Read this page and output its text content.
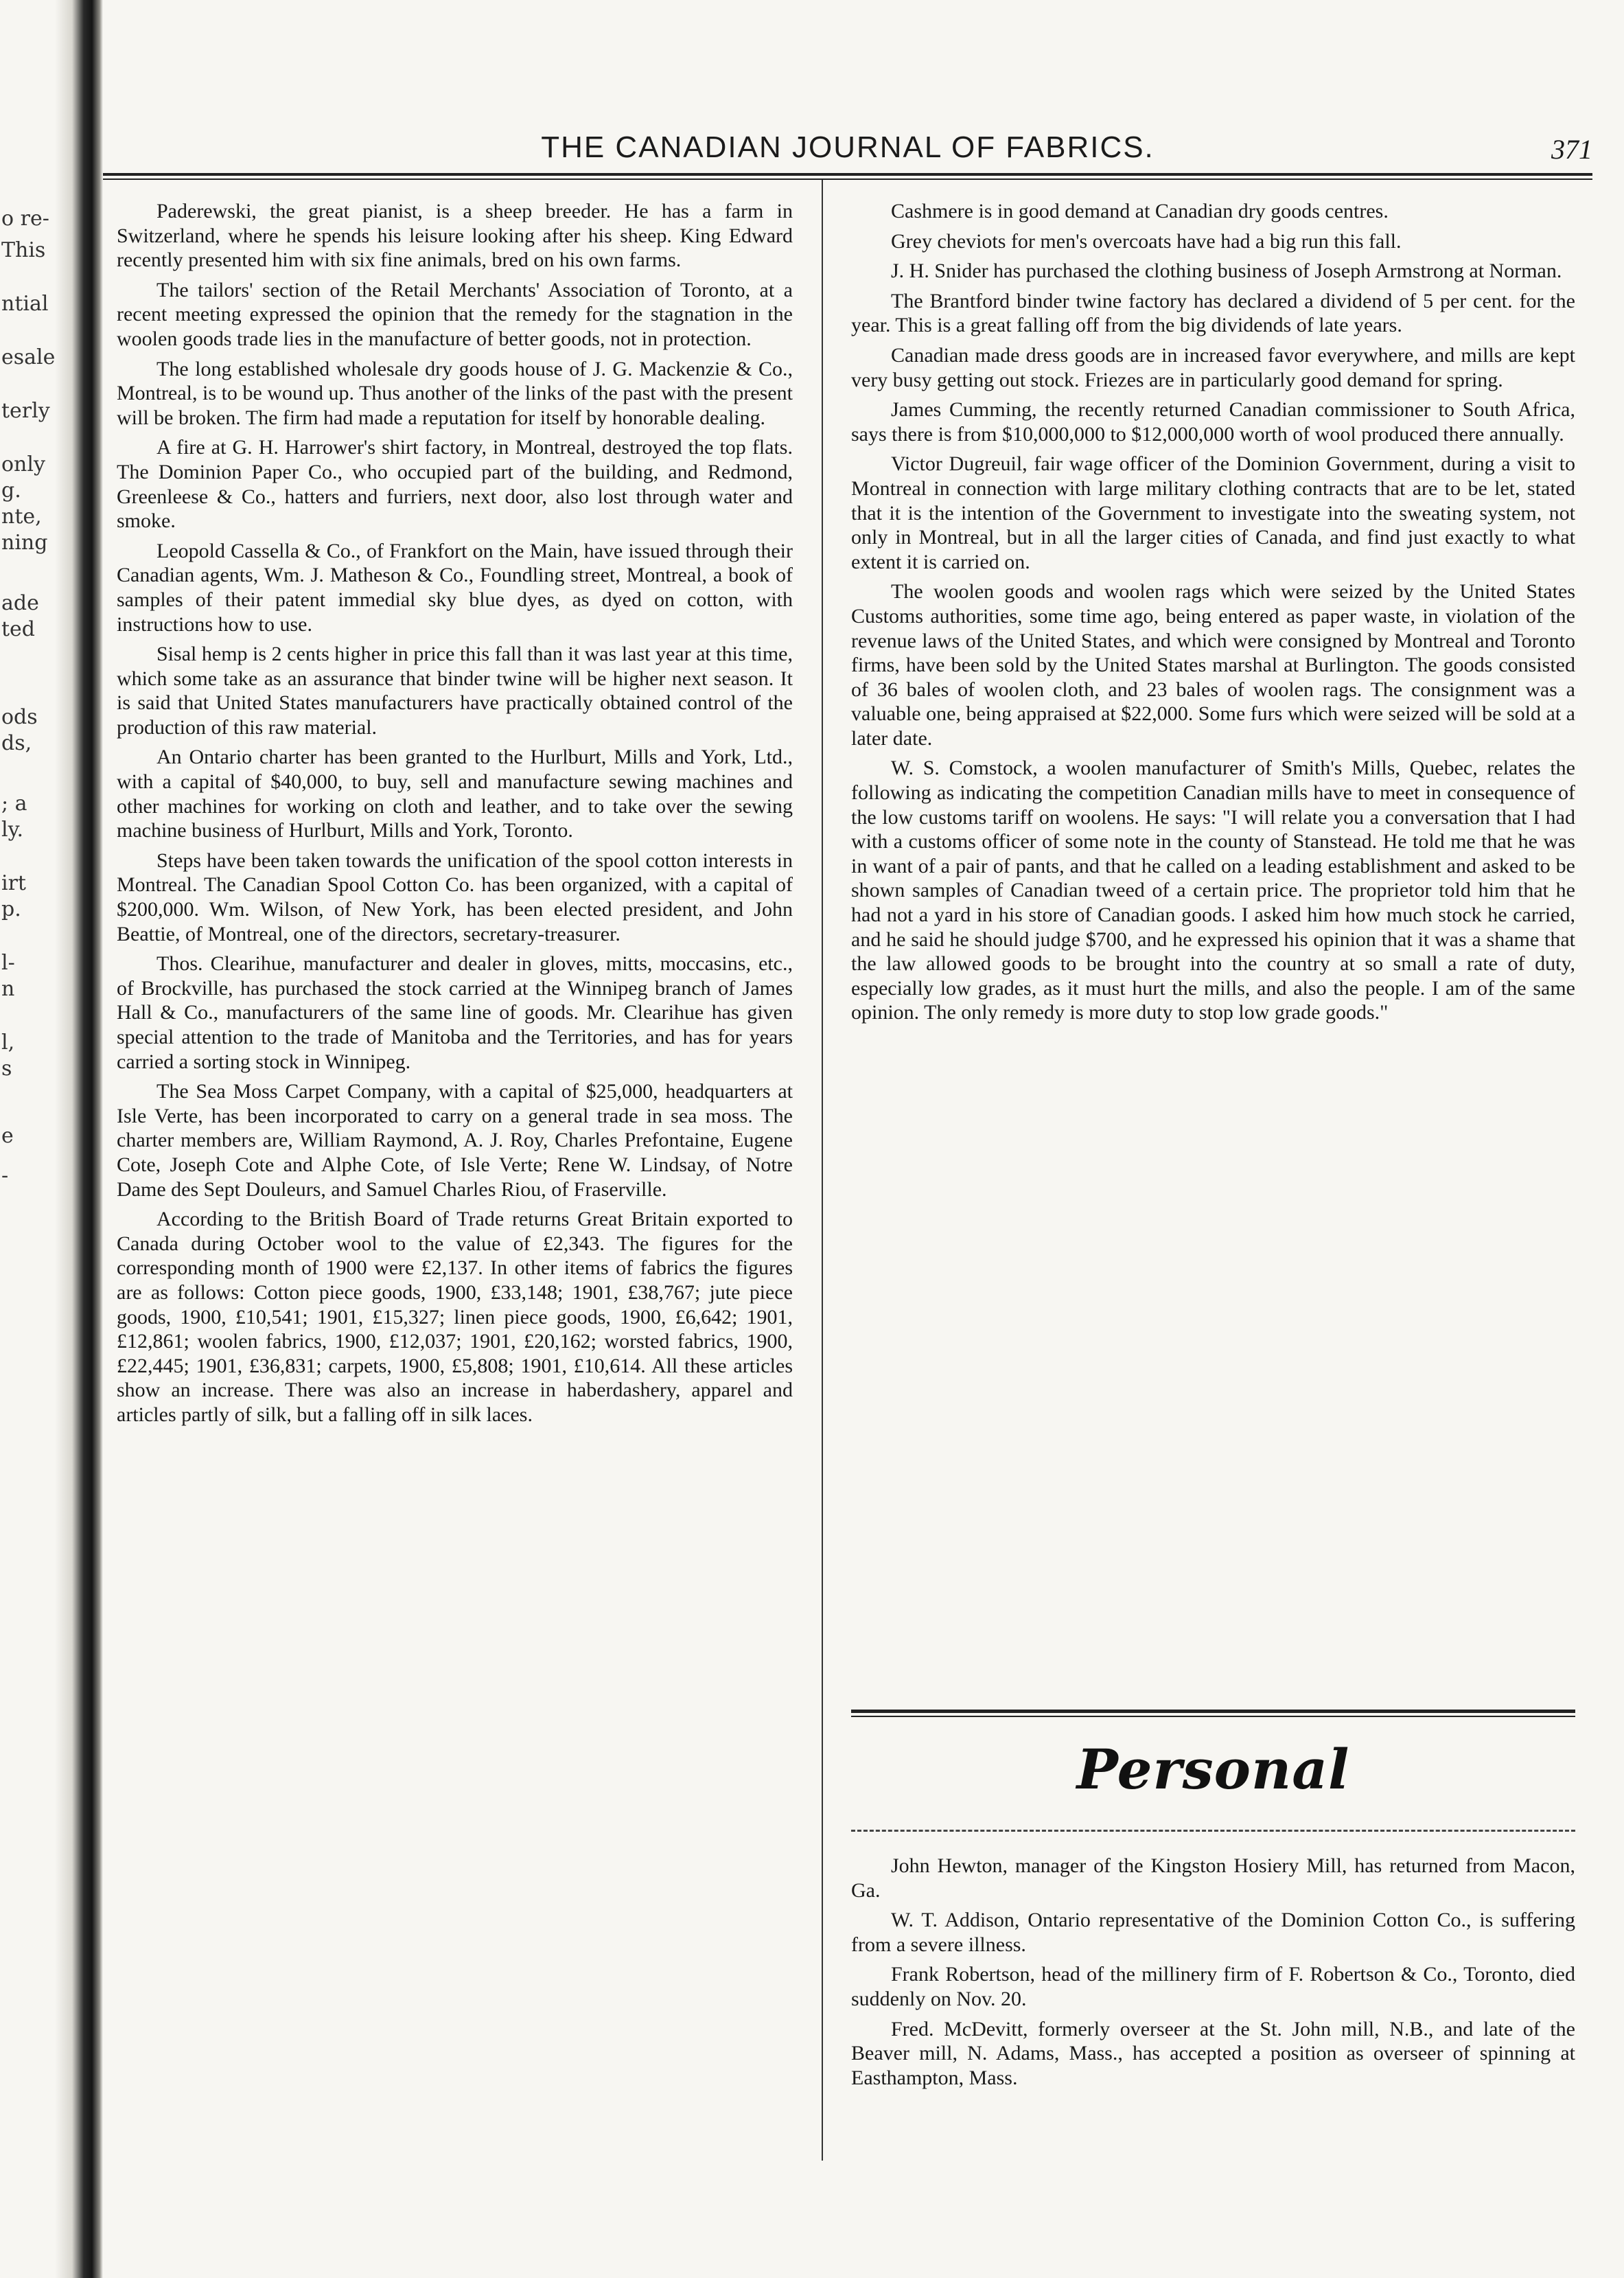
o re-
This
ntial
esale
terly
only
g.
nte,
ning
ade
ted
ods
ds,
; a
ly.
irt
p.
l-
n
l,
s
e
-
THE CANADIAN JOURNAL OF FABRICS.	371

Paderewski, the great pianist, is a sheep breeder. He has a farm in Switzerland, where he spends his leisure looking after his sheep. King Edward recently presented him with six fine animals, bred on his own farms.

The tailors' section of the Retail Merchants' Association of Toronto, at a recent meeting expressed the opinion that the remedy for the stagnation in the woolen goods trade lies in the manufacture of better goods, not in protection.

The long established wholesale dry goods house of J. G. Mackenzie & Co., Montreal, is to be wound up. Thus another of the links of the past with the present will be broken. The firm had made a reputation for itself by honorable dealing.

A fire at G. H. Harrower's shirt factory, in Montreal, destroyed the top flats. The Dominion Paper Co., who occupied part of the building, and Redmond, Greenleese & Co., hatters and furriers, next door, also lost through water and smoke.

Leopold Cassella & Co., of Frankfort on the Main, have issued through their Canadian agents, Wm. J. Matheson & Co., Foundling street, Montreal, a book of samples of their patent immedial sky blue dyes, as dyed on cotton, with instructions how to use.

Sisal hemp is 2 cents higher in price this fall than it was last year at this time, which some take as an assurance that binder twine will be higher next season. It is said that United States manufacturers have practically obtained control of the production of this raw material.

An Ontario charter has been granted to the Hurlburt, Mills and York, Ltd., with a capital of $40,000, to buy, sell and manufacture sewing machines and other machines for working on cloth and leather, and to take over the sewing machine business of Hurlburt, Mills and York, Toronto.

Steps have been taken towards the unification of the spool cotton interests in Montreal. The Canadian Spool Cotton Co. has been organized, with a capital of $200,000. Wm. Wilson, of New York, has been elected president, and John Beattie, of Montreal, one of the directors, secretary-treasurer.

Thos. Clearihue, manufacturer and dealer in gloves, mitts, moccasins, etc., of Brockville, has purchased the stock carried at the Winnipeg branch of James Hall & Co., manufacturers of the same line of goods. Mr. Clearihue has given special attention to the trade of Manitoba and the Territories, and has for years carried a sorting stock in Winnipeg.

The Sea Moss Carpet Company, with a capital of $25,000, headquarters at Isle Verte, has been incorporated to carry on a general trade in sea moss. The charter members are, William Raymond, A. J. Roy, Charles Prefontaine, Eugene Cote, Joseph Cote and Alphe Cote, of Isle Verte; Rene W. Lindsay, of Notre Dame des Sept Douleurs, and Samuel Charles Riou, of Fraserville.

According to the British Board of Trade returns Great Britain exported to Canada during October wool to the value of £2,343. The figures for the corresponding month of 1900 were £2,137. In other items of fabrics the figures are as follows: Cotton piece goods, 1900, £33,148; 1901, £38,767; jute piece goods, 1900, £10,541; 1901, £15,327; linen piece goods, 1900, £6,642; 1901, £12,861; woolen fabrics, 1900, £12,037; 1901, £20,162; worsted fabrics, 1900, £22,445; 1901, £36,831; carpets, 1900, £5,808; 1901, £10,614. All these articles show an increase. There was also an increase in haberdashery, apparel and articles partly of silk, but a falling off in silk laces.

Cashmere is in good demand at Canadian dry goods centres.

Grey cheviots for men's overcoats have had a big run this fall.

J. H. Snider has purchased the clothing business of Joseph Armstrong at Norman.

The Brantford binder twine factory has declared a dividend of 5 per cent. for the year. This is a great falling off from the big dividends of late years.

Canadian made dress goods are in increased favor everywhere, and mills are kept very busy getting out stock. Friezes are in particularly good demand for spring.

James Cumming, the recently returned Canadian commissioner to South Africa, says there is from $10,000,000 to $12,000,000 worth of wool produced there annually.

Victor Dugreuil, fair wage officer of the Dominion Government, during a visit to Montreal in connection with large military clothing contracts that are to be let, stated that it is the intention of the Government to investigate into the sweating system, not only in Montreal, but in all the larger cities of Canada, and find just exactly to what extent it is carried on.

The woolen goods and woolen rags which were seized by the United States Customs authorities, some time ago, being entered as paper waste, in violation of the revenue laws of the United States, and which were consigned by Montreal and Toronto firms, have been sold by the United States marshal at Burlington. The goods consisted of 36 bales of woolen cloth, and 23 bales of woolen rags. The consignment was a valuable one, being appraised at $22,000. Some furs which were seized will be sold at a later date.

W. S. Comstock, a woolen manufacturer of Smith's Mills, Quebec, relates the following as indicating the competition Canadian mills have to meet in consequence of the low customs tariff on woolens. He says: "I will relate you a conversation that I had with a customs officer of some note in the county of Stanstead. He told me that he was in want of a pair of pants, and that he called on a leading establishment and asked to be shown samples of Canadian tweed of a certain price. The proprietor told him that he had not a yard in his store of Canadian goods. I asked him how much stock he carried, and he said he should judge $700, and he expressed his opinion that it was a shame that the law allowed goods to be brought into the country at so small a rate of duty, especially low grades, as it must hurt the mills, and also the people. I am of the same opinion. The only remedy is more duty to stop low grade goods."

Personal

John Hewton, manager of the Kingston Hosiery Mill, has returned from Macon, Ga.

W. T. Addison, Ontario representative of the Dominion Cotton Co., is suffering from a severe illness.

Frank Robertson, head of the millinery firm of F. Robertson & Co., Toronto, died suddenly on Nov. 20.

Fred. McDevitt, formerly overseer at the St. John mill, N.B., and late of the Beaver mill, N. Adams, Mass., has accepted a position as overseer of spinning at Easthampton, Mass.
